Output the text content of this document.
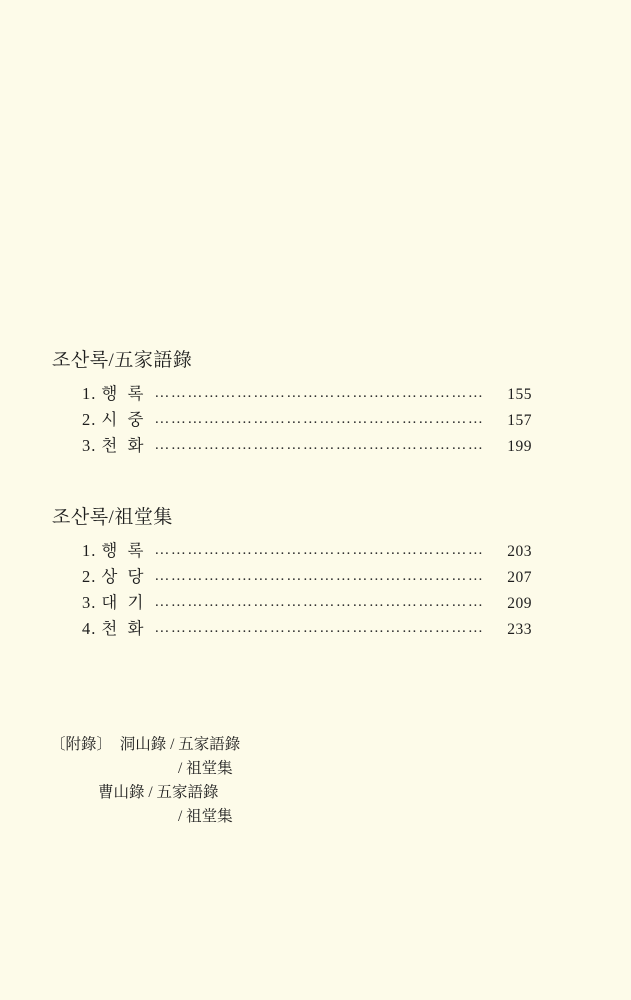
조산록/五家語錄
1. 행 록 ……………………………………………………	155
2. 시 중 ……………………………………………………	157
3. 천 화 ……………………………………………………	199
조산록/祖堂集
1. 행 록 ……………………………………………………	203
2. 상 당 ……………………………………………………	207
3. 대 기 ……………………………………………………	209
4. 천 화 ……………………………………………………	233
〔附錄〕  洞山錄 / 五家語錄
/ 祖堂集
曹山錄 / 五家語錄
/ 祖堂集
